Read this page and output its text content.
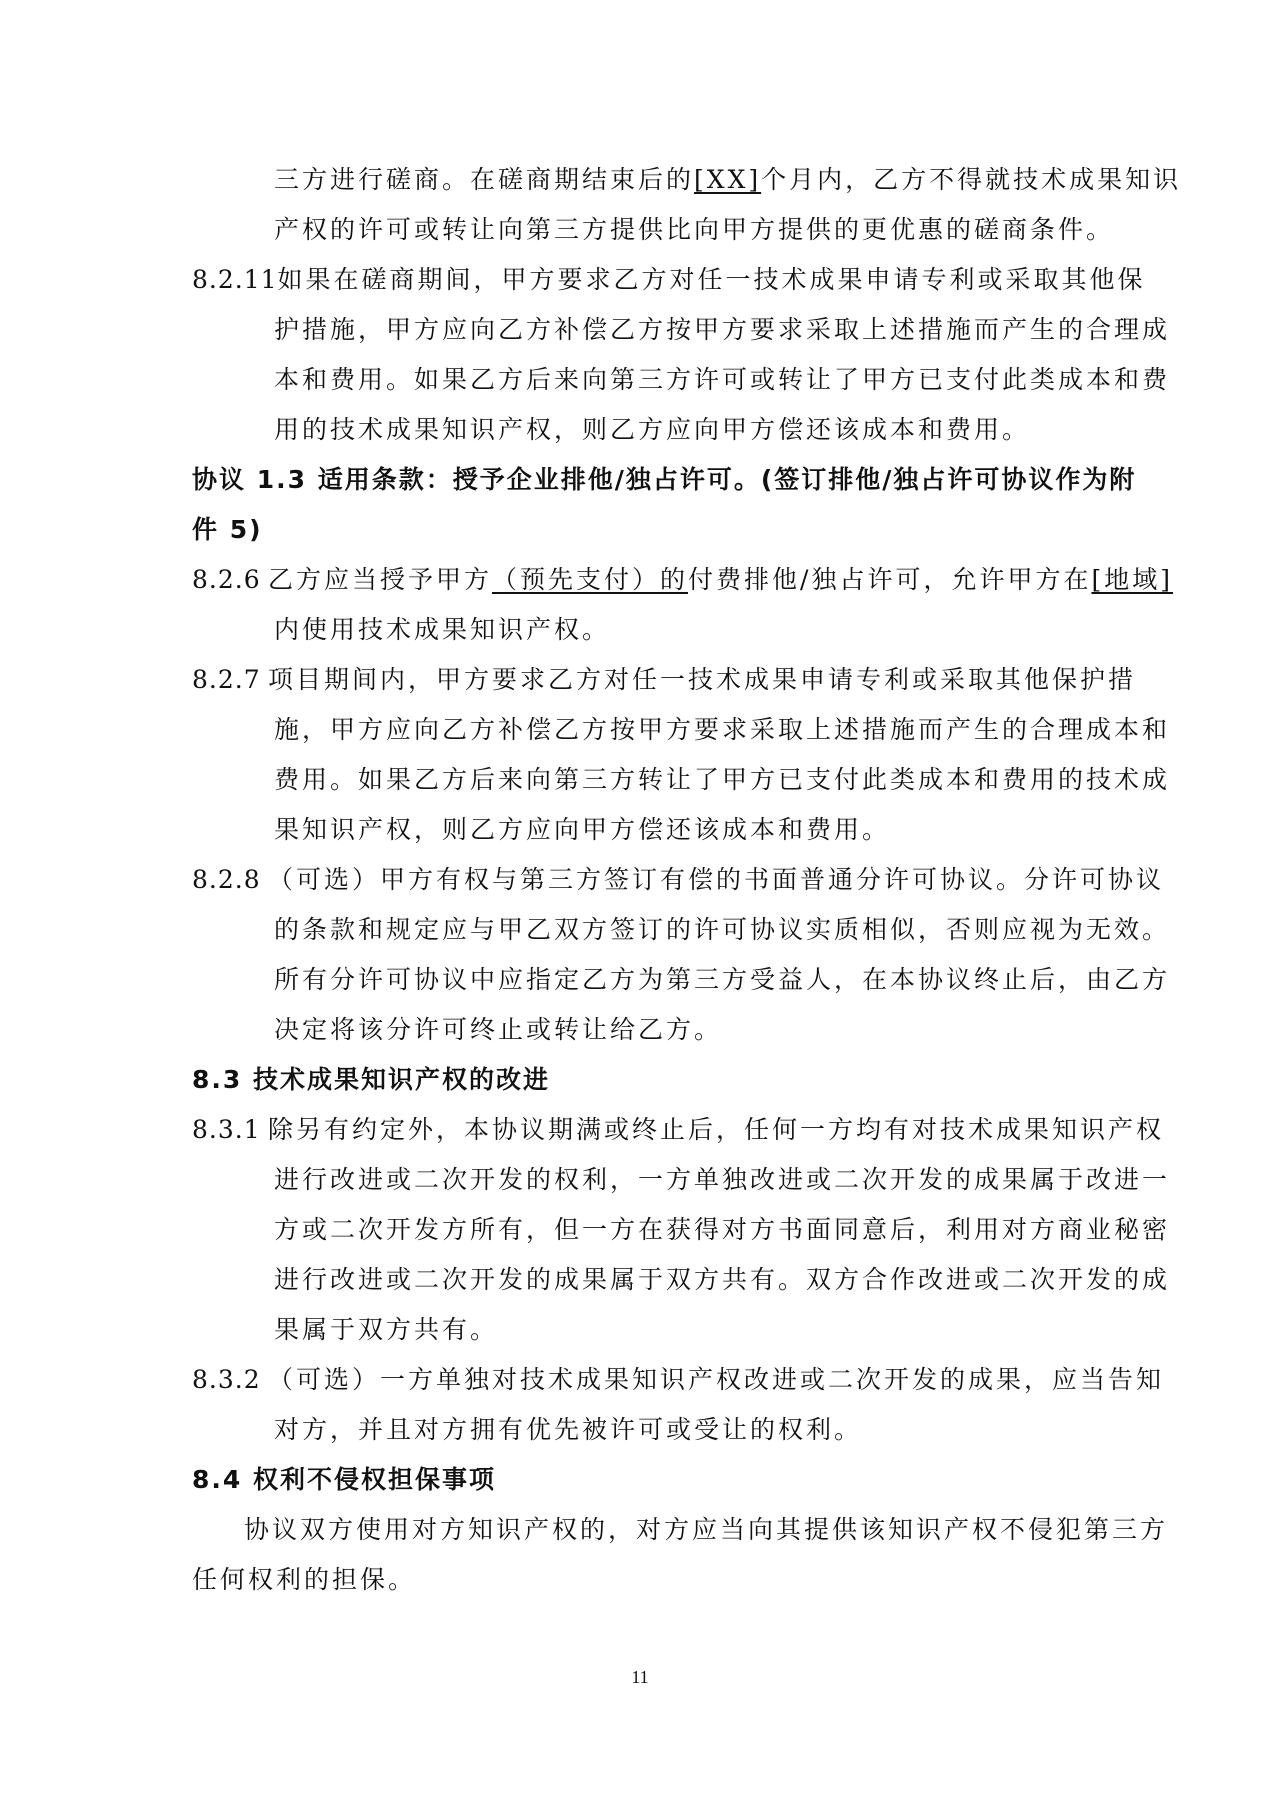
三方进行磋商。在磋商期结束后的[XX]个月内，乙方不得就技术成果知识
产权的许可或转让向第三方提供比向甲方提供的更优惠的磋商条件。
8.2.11如果在磋商期间，甲方要求乙方对任一技术成果申请专利或采取其他保
护措施，甲方应向乙方补偿乙方按甲方要求采取上述措施而产生的合理成
本和费用。如果乙方后来向第三方许可或转让了甲方已支付此类成本和费
用的技术成果知识产权，则乙方应向甲方偿还该成本和费用。
协议 1.3 适用条款：授予企业排他/独占许可。(签订排他/独占许可协议作为附
件 5)
8.2.6 乙方应当授予甲方（预先支付）的付费排他/独占许可，允许甲方在[地域]
内使用技术成果知识产权。
8.2.7 项目期间内，甲方要求乙方对任一技术成果申请专利或采取其他保护措
施，甲方应向乙方补偿乙方按甲方要求采取上述措施而产生的合理成本和
费用。如果乙方后来向第三方转让了甲方已支付此类成本和费用的技术成
果知识产权，则乙方应向甲方偿还该成本和费用。
8.2.8 （可选）甲方有权与第三方签订有偿的书面普通分许可协议。分许可协议
的条款和规定应与甲乙双方签订的许可协议实质相似，否则应视为无效。
所有分许可协议中应指定乙方为第三方受益人，在本协议终止后，由乙方
决定将该分许可终止或转让给乙方。
8.3 技术成果知识产权的改进
8.3.1 除另有约定外，本协议期满或终止后，任何一方均有对技术成果知识产权
进行改进或二次开发的权利，一方单独改进或二次开发的成果属于改进一
方或二次开发方所有，但一方在获得对方书面同意后，利用对方商业秘密
进行改进或二次开发的成果属于双方共有。双方合作改进或二次开发的成
果属于双方共有。
8.3.2 （可选）一方单独对技术成果知识产权改进或二次开发的成果，应当告知
对方，并且对方拥有优先被许可或受让的权利。
8.4 权利不侵权担保事项
协议双方使用对方知识产权的，对方应当向其提供该知识产权不侵犯第三方
任何权利的担保。
11
